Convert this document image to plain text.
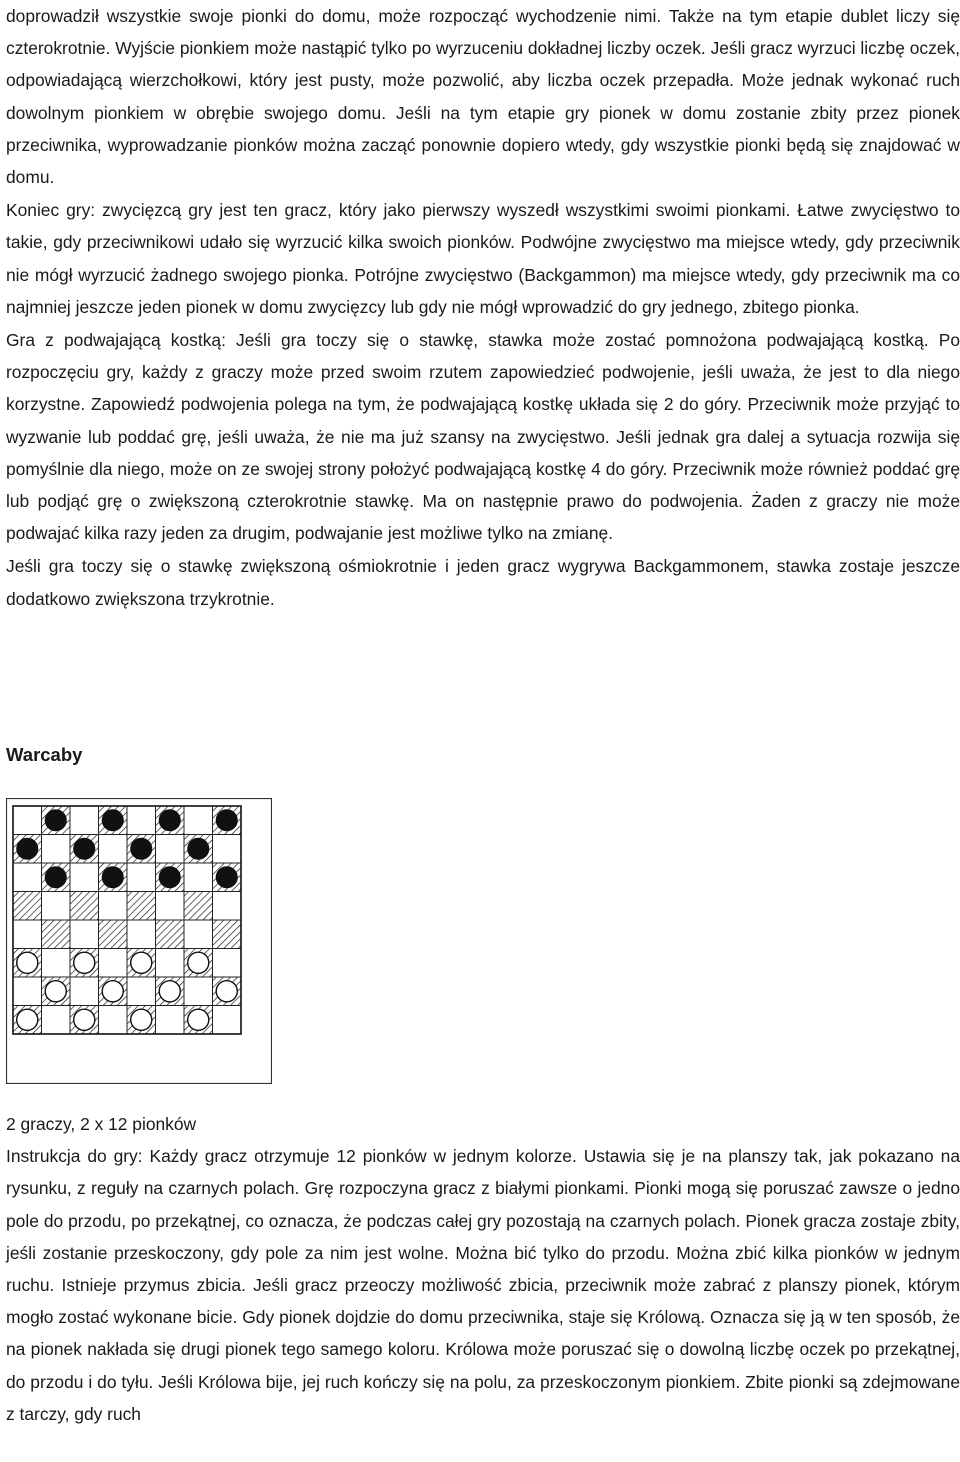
doprowadził wszystkie swoje pionki do domu, może rozpocząć wychodzenie nimi. Także na tym etapie dublet liczy się czterokrotnie. Wyjście pionkiem może nastąpić tylko po wyrzuceniu dokładnej liczby oczek. Jeśli gracz wyrzuci liczbę oczek, odpowiadającą wierzchołkowi, który jest pusty, może pozwolić, aby liczba oczek przepadła. Może jednak wykonać ruch dowolnym pionkiem w obrębie swojego domu. Jeśli na tym etapie gry pionek w domu zostanie zbity przez pionek przeciwnika, wyprowadzanie pionków można zacząć ponownie dopiero wtedy, gdy wszystkie pionki będą się znajdować w domu.

Koniec gry: zwycięzcą gry jest ten gracz, który jako pierwszy wyszedł wszystkimi swoimi pionkami. Łatwe zwycięstwo to takie, gdy przeciwnikowi udało się wyrzucić kilka swoich pionków. Podwójne zwycięstwo ma miejsce wtedy, gdy przeciwnik nie mógł wyrzucić żadnego swojego pionka. Potrójne zwycięstwo (Backgammon) ma miejsce wtedy, gdy przeciwnik ma co najmniej jeszcze jeden pionek w domu zwycięzcy lub gdy nie mógł wprowadzić do gry jednego, zbitego pionka.

Gra z podwajającą kostką: Jeśli gra toczy się o stawkę, stawka może zostać pomnożona podwajającą kostką. Po rozpoczęciu gry, każdy z graczy może przed swoim rzutem zapowiedzieć podwojenie, jeśli uważa, że jest to dla niego korzystne. Zapowiedź podwojenia polega na tym, że podwajającą kostkę układa się 2 do góry. Przeciwnik może przyjąć to wyzwanie lub poddać grę, jeśli uważa, że nie ma już szansy na zwycięstwo. Jeśli jednak gra dalej a sytuacja rozwija się pomyślnie dla niego, może on ze swojej strony położyć podwajającą kostkę 4 do góry. Przeciwnik może również poddać grę lub podjąć grę o zwiększoną czterokrotnie stawkę. Ma on następnie prawo do podwojenia. Żaden z graczy nie może podwajać kilka razy jeden za drugim, podwajanie jest możliwe tylko na zmianę.

Jeśli gra toczy się o stawkę zwiększoną ośmiokrotnie i jeden gracz wygrywa Backgammonem, stawka zostaje jeszcze dodatkowo zwiększona trzykrotnie.

Warcaby

2 graczy, 2 x 12 pionków

Instrukcja do gry: Każdy gracz otrzymuje 12 pionków w jednym kolorze. Ustawia się je na planszy tak, jak pokazano na rysunku, z reguły na czarnych polach. Grę rozpoczyna gracz z białymi pionkami. Pionki mogą się poruszać zawsze o jedno pole do przodu, po przekątnej, co oznacza, że podczas całej gry pozostają na czarnych polach. Pionek gracza zostaje zbity, jeśli zostanie przeskoczony, gdy pole za nim jest wolne. Można bić tylko do przodu. Można zbić kilka pionków w jednym ruchu. Istnieje przymus zbicia. Jeśli gracz przeoczy możliwość zbicia, przeciwnik może zabrać z planszy pionek, którym mogło zostać wykonane bicie. Gdy pionek dojdzie do domu przeciwnika, staje się Królową. Oznacza się ją w ten sposób, że na pionek nakłada się drugi pionek tego samego koloru. Królowa może poruszać się o dowolną liczbę oczek po przekątnej, do przodu i do tyłu. Jeśli Królowa bije, jej ruch kończy się na polu, za przeskoczonym pionkiem. Zbite pionki są zdejmowane z tarczy, gdy ruch
